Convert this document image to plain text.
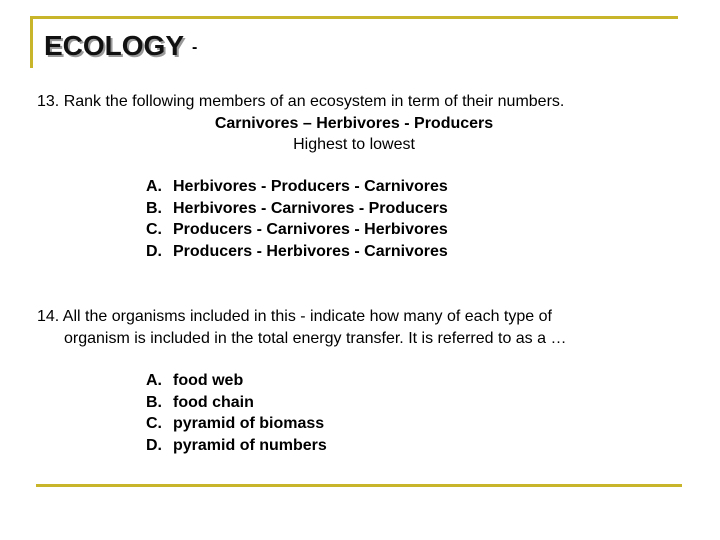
ECOLOGY -
13. Rank the following members of an ecosystem in term of their numbers.
Carnivores – Herbivores - Producers
Highest to lowest
A. Herbivores - Producers - Carnivores
B. Herbivores - Carnivores - Producers
C. Producers - Carnivores - Herbivores
D. Producers - Herbivores - Carnivores
14. All the organisms included in this - indicate how many of each type of
organism is included in the total energy transfer. It is referred to as a …
A. food web
B. food chain
C. pyramid of biomass
D. pyramid of numbers
